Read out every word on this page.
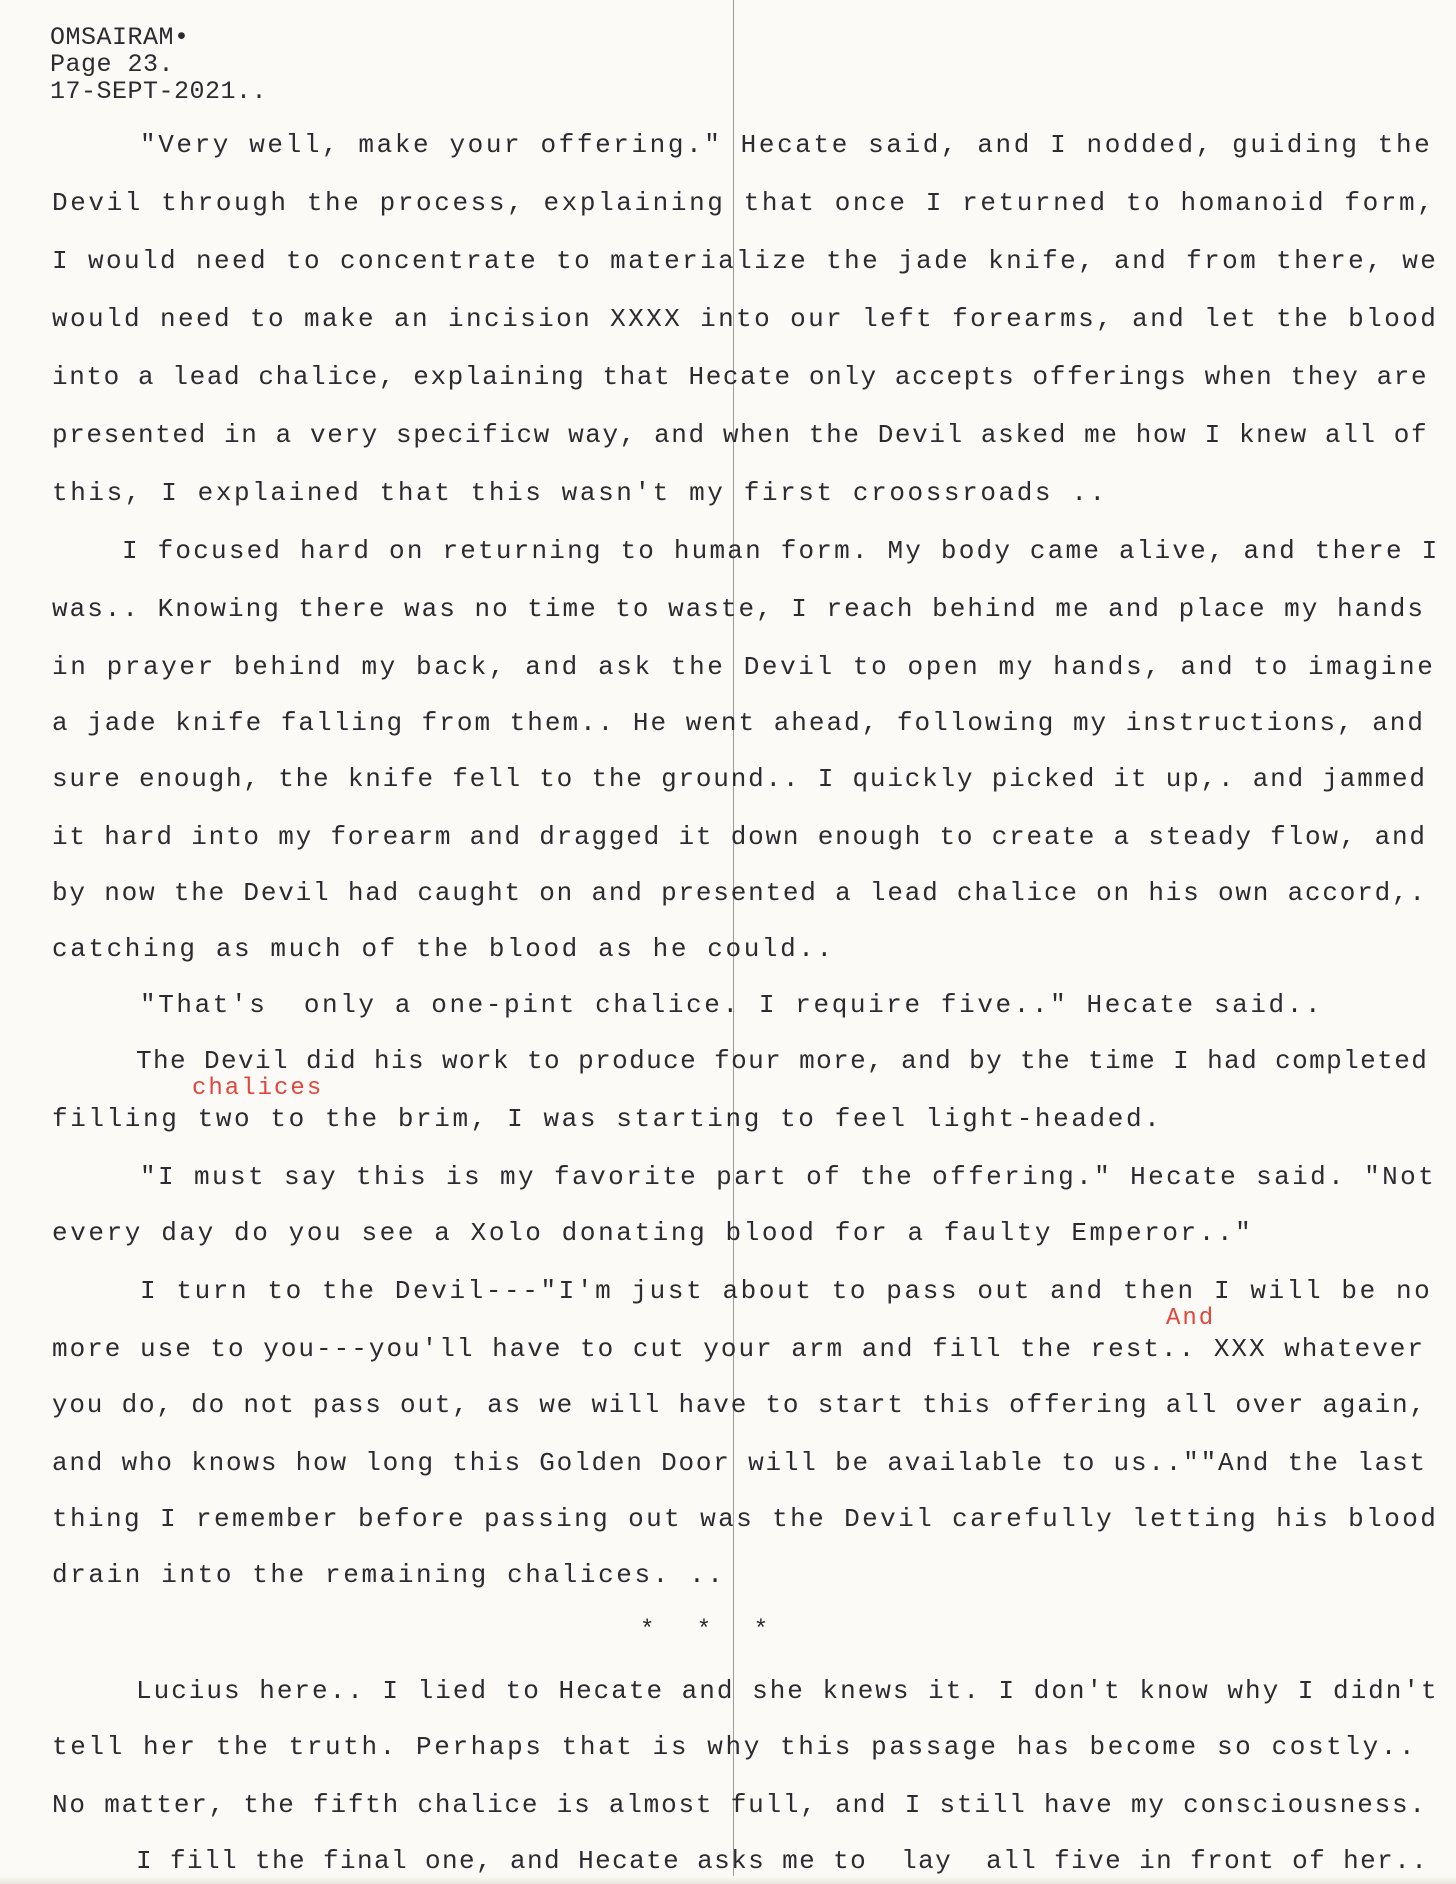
OMSAIRAM•
Page 23.
17-SEPT-2021..
"Very well, make your offering." Hecate said, and I nodded, guiding the
Devil through the process, explaining that once I returned to homanoid form,
I would need to concentrate to materialize the jade knife, and from there, we
would need to make an incision XXXX into our left forearms, and let the blood
into a lead chalice, explaining that Hecate only accepts offerings when they are
presented in a very specificw way, and when the Devil asked me how I knew all of
this, I explained that this wasn't my first croossroads ..
I focused hard on returning to human form. My body came alive, and there I
was.. Knowing there was no time to waste, I reach behind me and place my hands
in prayer behind my back, and ask the Devil to open my hands, and to imagine
a jade knife falling from them.. He went ahead, following my instructions, and
sure enough, the knife fell to the ground.. I quickly picked it up,. and jammed
it hard into my forearm and dragged it down enough to create a steady flow, and
by now the Devil had caught on and presented a lead chalice on his own accord,.
catching as much of the blood as he could..
"That's  only a one-pint chalice. I require five.." Hecate said..
The Devil did his work to produce four more, and by the time I had completed
chalices
filling two to the brim, I was starting to feel light-headed.
"I must say this is my favorite part of the offering." Hecate said. "Not
every day do you see a Xolo donating blood for a faulty Emperor.."
I turn to the Devil---"I'm just about to pass out and then I will be no
And
more use to you---you'll have to cut your arm and fill the rest.. XXX whatever
you do, do not pass out, as we will have to start this offering all over again,
and who knows how long this Golden Door will be available to us..""And the last
thing I remember before passing out was the Devil carefully letting his blood
drain into the remaining chalices. ..
* * *
Lucius here.. I lied to Hecate and she knews it. I don't know why I didn't
tell her the truth. Perhaps that is why this passage has become so costly..
No matter, the fifth chalice is almost full, and I still have my consciousness.
I fill the final one, and Hecate asks me to  lay  all five in front of her..
